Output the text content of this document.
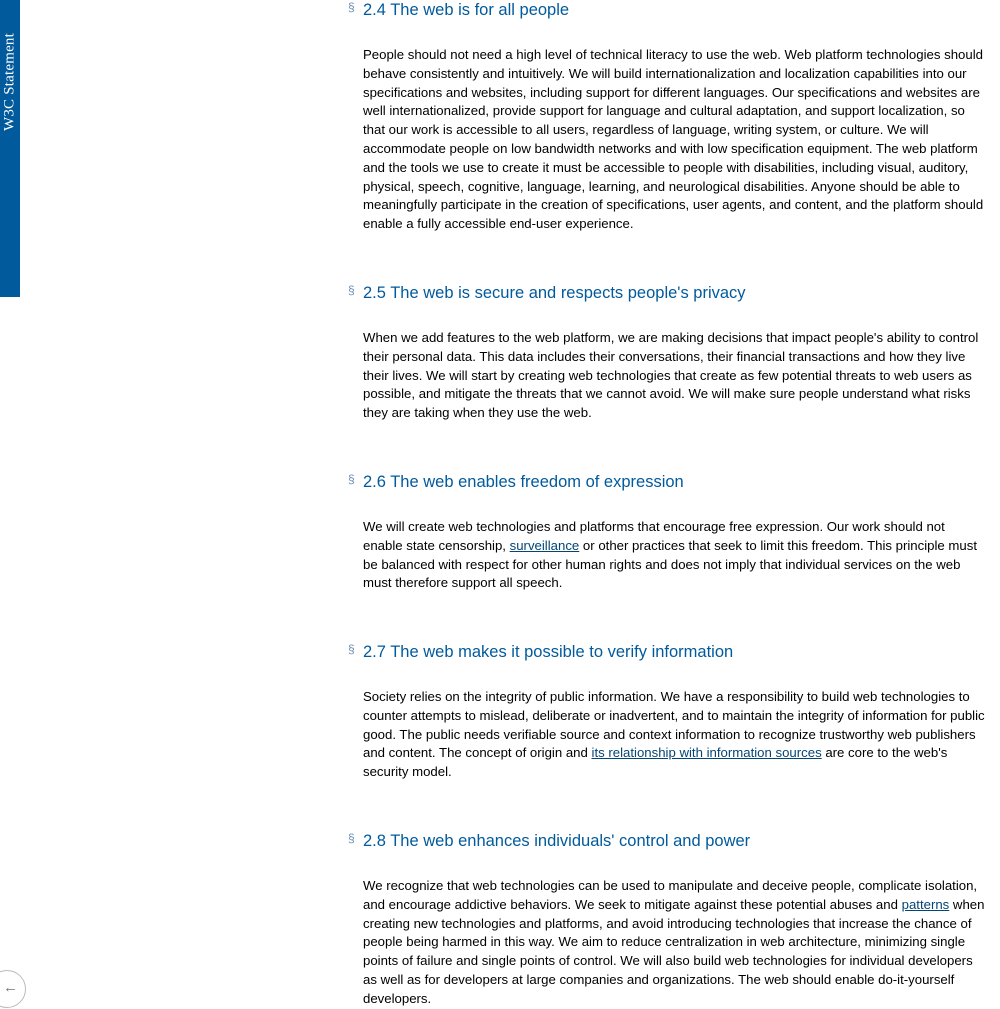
W3C Statement
§ 2.4 The web is for all people

People should not need a high level of technical literacy to use the web. Web platform technologies should behave consistently and intuitively. We will build internationalization and localization capabilities into our specifications and websites, including support for different languages. Our specifications and websites are well internationalized, provide support for language and cultural adaptation, and support localization, so that our work is accessible to all users, regardless of language, writing system, or culture. We will accommodate people on low bandwidth networks and with low specification equipment. The web platform and the tools we use to create it must be accessible to people with disabilities, including visual, auditory, physical, speech, cognitive, language, learning, and neurological disabilities. Anyone should be able to meaningfully participate in the creation of specifications, user agents, and content, and the platform should enable a fully accessible end-user experience.

§ 2.5 The web is secure and respects people's privacy

When we add features to the web platform, we are making decisions that impact people's ability to control their personal data. This data includes their conversations, their financial transactions and how they live their lives. We will start by creating web technologies that create as few potential threats to web users as possible, and mitigate the threats that we cannot avoid. We will make sure people understand what risks they are taking when they use the web.

§ 2.6 The web enables freedom of expression

We will create web technologies and platforms that encourage free expression. Our work should not enable state censorship, surveillance or other practices that seek to limit this freedom. This principle must be balanced with respect for other human rights and does not imply that individual services on the web must therefore support all speech.

§ 2.7 The web makes it possible to verify information

Society relies on the integrity of public information. We have a responsibility to build web technologies to counter attempts to mislead, deliberate or inadvertent, and to maintain the integrity of information for public good. The public needs verifiable source and context information to recognize trustworthy web publishers and content. The concept of origin and its relationship with information sources are core to the web's security model.

§ 2.8 The web enhances individuals' control and power

We recognize that web technologies can be used to manipulate and deceive people, complicate isolation, and encourage addictive behaviors. We seek to mitigate against these potential abuses and patterns when creating new technologies and platforms, and avoid introducing technologies that increase the chance of people being harmed in this way. We aim to reduce centralization in web architecture, minimizing single points of failure and single points of control. We will also build web technologies for individual developers as well as for developers at large companies and organizations. The web should enable do-it-yourself developers.

←
